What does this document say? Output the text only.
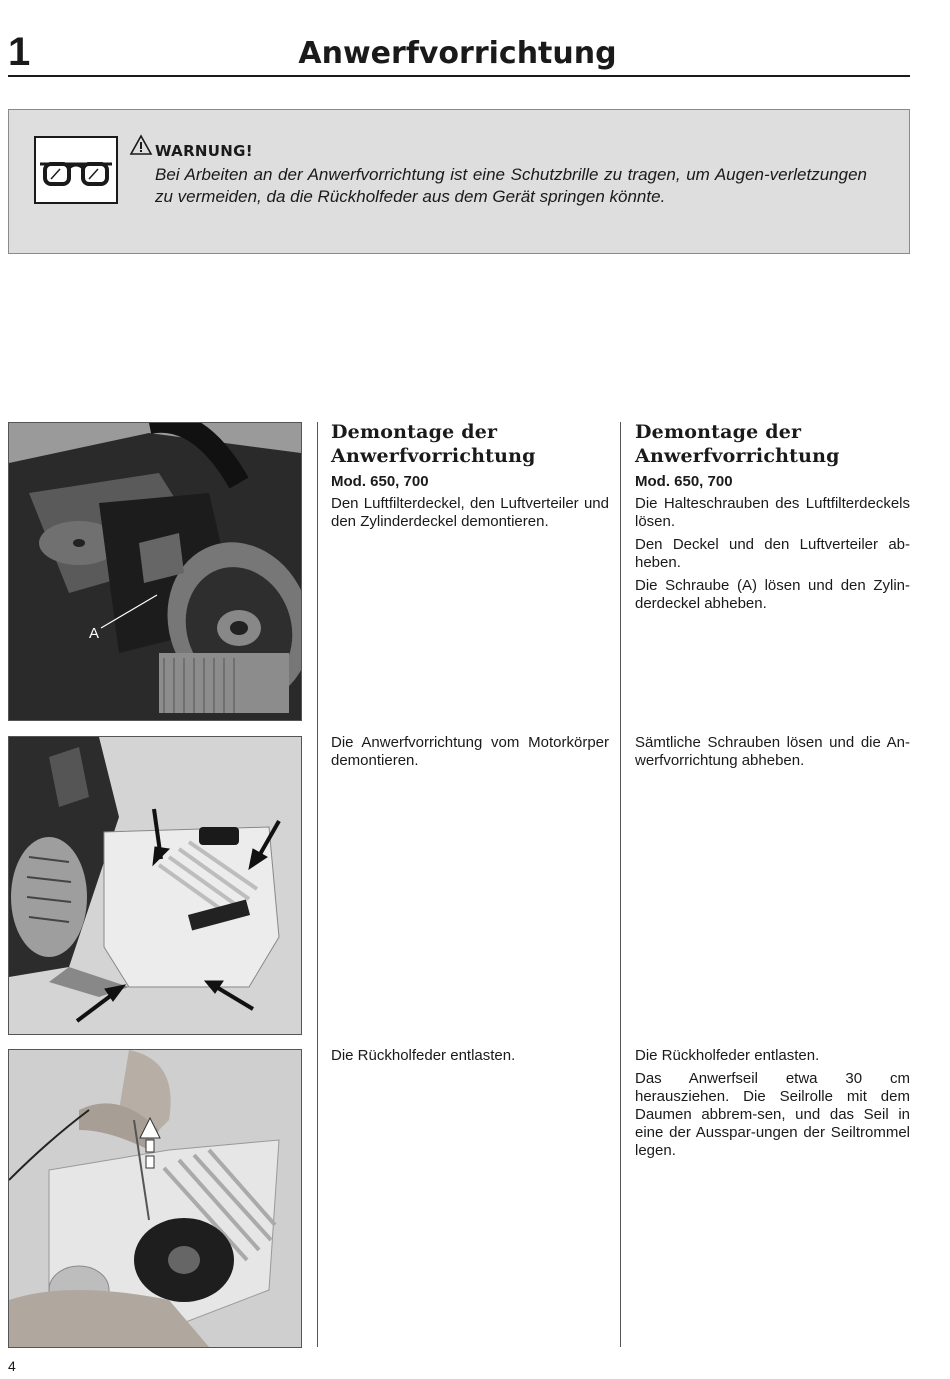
1	Anwerfvorrichtung
WARNUNG!
Bei Arbeiten an der Anwerfvorrichtung ist eine Schutzbrille zu tragen, um Augen-verletzungen zu vermeiden, da die Rückholfeder aus dem Gerät springen könnte.
A
Demontage der Anwerfvorrichtung
Mod. 650, 700

Den Luftfilterdeckel, den Luftverteiler und den Zylinderdeckel demontieren.

Die Anwerfvorrichtung vom Motorkörper demontieren.

Die Rückholfeder entlasten.

Demontage der Anwerfvorrichtung
Mod. 650, 700

Die Halteschrauben des Luftfilterdeckels lösen.

Den Deckel und den Luftverteiler ab-heben.

Die Schraube (A) lösen und den Zylin-derdeckel abheben.

Sämtliche Schrauben lösen und die An-werfvorrichtung abheben.

Die Rückholfeder entlasten.

Das Anwerfseil etwa 30 cm herausziehen. Die Seilrolle mit dem Daumen abbrem-sen, und das Seil in eine der Ausspar-ungen der Seiltrommel legen.

4
